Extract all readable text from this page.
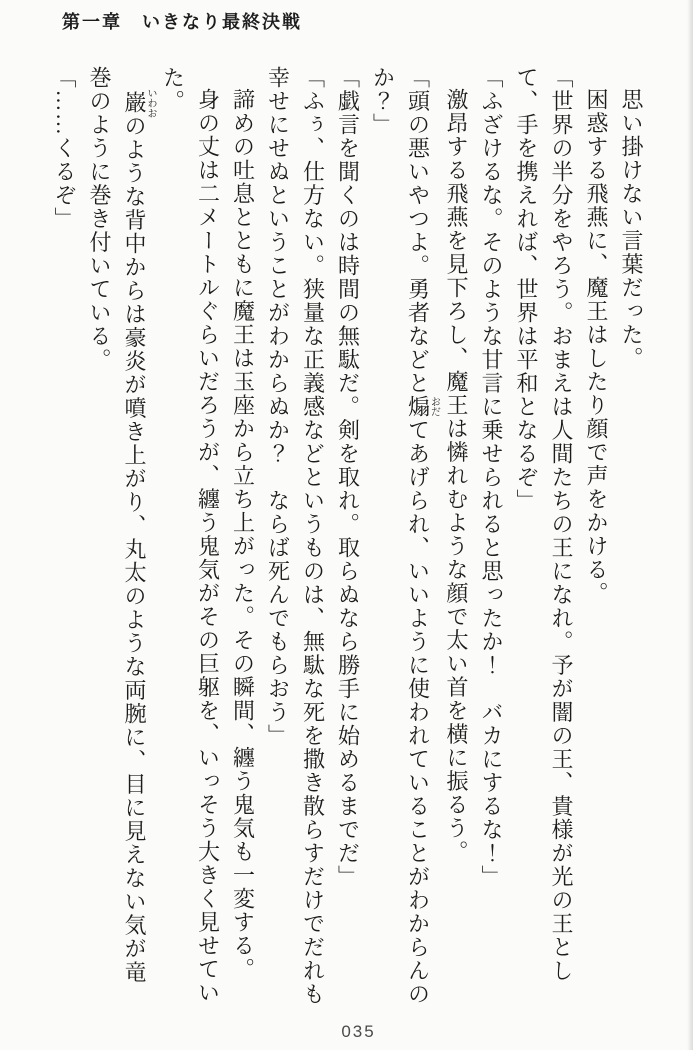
第一章　いきなり最終決戦

思い掛けない言葉だった。

困惑する飛燕に、魔王はしたり顔で声をかける。

「世界の半分をやろう。おまえは人間たちの王になれ。予が闇の王、貴様が光の王として、手を携えれば、世界は平和となるぞ」

「ふざけるな。そのような甘言に乗せられると思ったか！　バカにするな！」

激昂する飛燕を見下ろし、魔王は憐れむような顔で太い首を横に振るう。

「頭の悪いやつよ。勇者などと煽おだてあげられ、いいように使われていることがわからんのか？」

「戯言を聞くのは時間の無駄だ。剣を取れ。取らぬなら勝手に始めるまでだ」

「ふぅ、仕方ない。狭量な正義感などというものは、無駄な死を撒き散らすだけでだれも幸せにせぬということがわからぬか？　ならば死んでもらおう」

諦めの吐息とともに魔王は玉座から立ち上がった。その瞬間、纏う鬼気も一変する。

身の丈は二メートルぐらいだろうが、纏う鬼気がその巨躯を、いっそう大きく見せていた。

巌いわおのような背中からは豪炎が噴き上がり、丸太のような両腕に、目に見えない気が竜巻のように巻き付いている。

「……くるぞ」

035
